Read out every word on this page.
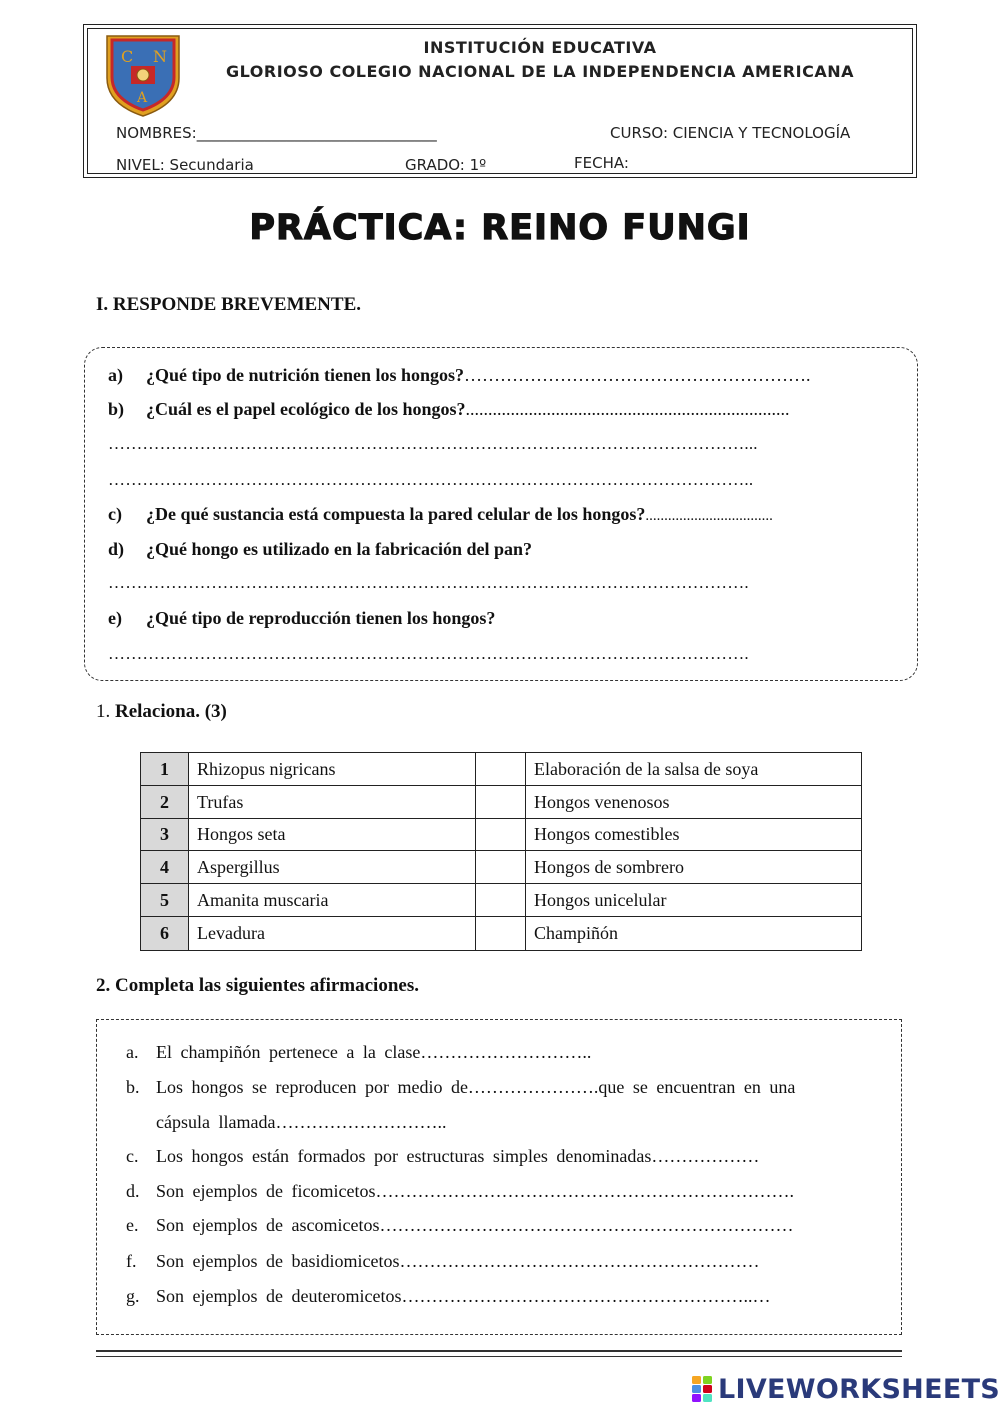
C N
A
INSTITUCIÓN EDUCATIVA
GLORIOSO COLEGIO NACIONAL DE LA INDEPENDENCIA AMERICANA
NOMBRES:________________________________	CURSO: CIENCIA Y TECNOLOGÍA
NIVEL: Secundaria	GRADO: 1º	FECHA:
PRÁCTICA: REINO FUNGI
I. RESPONDE BREVEMENTE.
a) ¿Qué tipo de nutrición tienen los hongos?………………………………………………….
b) ¿Cuál es el papel ecológico de los hongos?........................................................................
…………………………………………………………………………………………………...
…………………………………………………………………………………………………..
c) ¿De qué sustancia está compuesta la pared celular de los hongos?..................................
d) ¿Qué hongo es utilizado en la fabricación del pan?
………………………………………………………………………………………………….
e) ¿Qué tipo de reproducción tienen los hongos?
………………………………………………………………………………………………….
1. Relaciona. (3)
1	Rhizopus nigricans		Elaboración de la salsa de soya
2	Trufas		Hongos venenosos
3	Hongos seta		Hongos comestibles
4	Aspergillus		Hongos de sombrero
5	Amanita muscaria		Hongos unicelular
6	Levadura		Champiñón
2. Completa las siguientes afirmaciones.
a. El champiñón pertenece a la clase………………………..
b. Los hongos se reproducen por medio de………………….que se encuentran en una
cápsula llamada………………………..
c. Los hongos están formados por estructuras simples denominadas………………
d. Son ejemplos de ficomicetos…………………………………………………………….
e. Son ejemplos de ascomicetos……………………………………………………………
f. Son ejemplos de basidiomicetos……………………………………………………
g. Son ejemplos de deuteromicetos…………………………………………………..…
LIVEWORKSHEETS
